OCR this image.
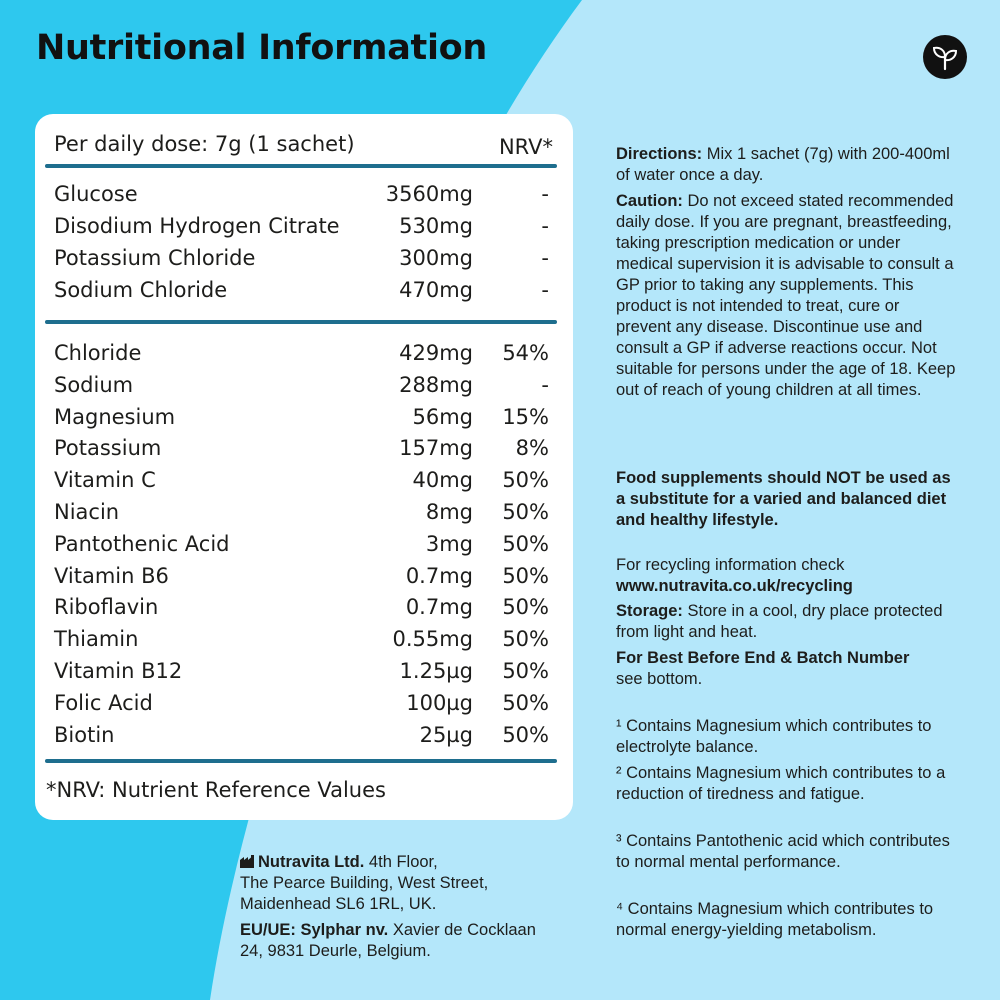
Nutritional Information
Per daily dose: 7g (1 sachet)	NRV*
Glucose	3560mg	-
Disodium Hydrogen Citrate	530mg	-
Potassium Chloride	300mg	-
Sodium Chloride	470mg	-
Chloride	429mg 54%
Sodium	288mg	-
Magnesium	56mg 15%
Potassium	157mg 8%
Vitamin C	40mg 50%
Niacin	8mg 50%
Pantothenic Acid	3mg 50%
Vitamin B6	0.7mg 50%
Riboflavin	0.7mg 50%
Thiamin	0.55mg 50%
Vitamin B12	1.25µg 50%
Folic Acid	100µg 50%
Biotin	25µg 50%
*NRV: Nutrient Reference Values

Directions: Mix 1 sachet (7g) with 200-400ml of water once a day.

Caution: Do not exceed stated recommended daily dose. If you are pregnant, breastfeeding, taking prescription medication or under medical supervision it is advisable to consult a GP prior to taking any supplements. This product is not intended to treat, cure or prevent any disease. Discontinue use and consult a GP if adverse reactions occur. Not suitable for persons under the age of 18. Keep out of reach of young children at all times.

Food supplements should NOT be used as a substitute for a varied and balanced diet and healthy lifestyle.

For recycling information check
www.nutravita.co.uk/recycling

Storage: Store in a cool, dry place protected from light and heat.

For Best Before End & Batch Number
see bottom.

¹ Contains Magnesium which contributes to electrolyte balance.

² Contains Magnesium which contributes to a reduction of tiredness and fatigue.

³ Contains Pantothenic acid which contributes to normal mental performance.

⁴ Contains Magnesium which contributes to normal energy-yielding metabolism.

Nutravita Ltd. 4th Floor,
The Pearce Building, West Street,
Maidenhead SL6 1RL, UK.

EU/UE: Sylphar nv. Xavier de Cocklaan 24, 9831 Deurle, Belgium.
